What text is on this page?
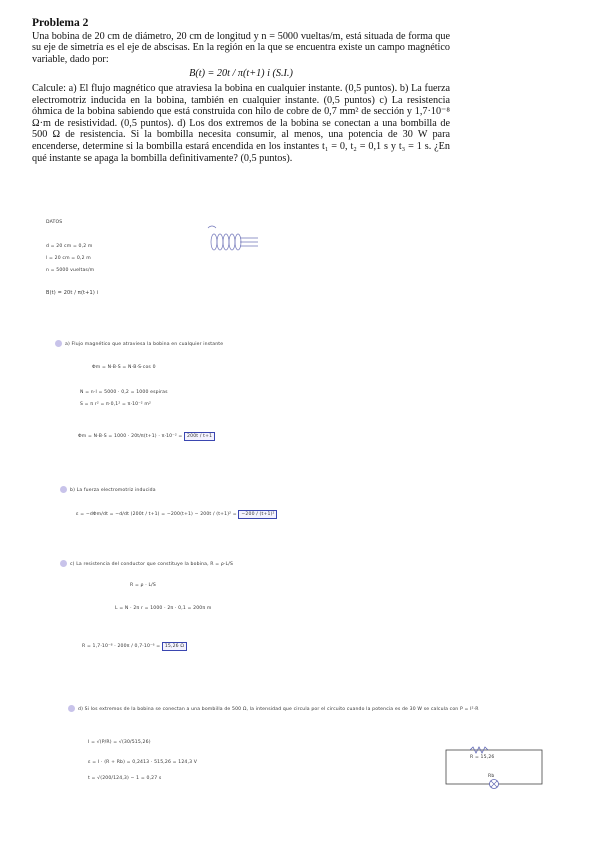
Problema 2

Una bobina de 20 cm de diámetro, 20 cm de longitud y n = 5000 vueltas/m, está situada de forma que su eje de simetría es el eje de abscisas. En la región en la que se encuentra existe un campo magnético variable, dado por:

B(t) = 20t / π(t+1) i (S.I.)

Calcule: a) El flujo magnético que atraviesa la bobina en cualquier instante. (0,5 puntos). b) La fuerza electromotriz inducida en la bobina, también en cualquier instante. (0,5 puntos) c) La resistencia óhmica de la bobina sabiendo que está construida con hilo de cobre de 0,7 mm² de sección y 1,7·10⁻⁸ Ω·m de resistividad. (0,5 puntos). d) Los dos extremos de la bobina se conectan a una bombilla de 500 Ω de resistencia. Si la bombilla necesita consumir, al menos, una potencia de 30 W para encenderse, determine si la bombilla estará encendida en los instantes t₁ = 0, t₂ = 0,1 s y t₃ = 1 s. ¿En qué instante se apaga la bombilla definitivamente? (0,5 puntos).

DATOS
d = 20 cm = 0,2 m
l = 20 cm = 0,2 m
n = 5000 vueltas/m
B(t) = 20t / π(t+1) i
a) Flujo magnético que atraviesa la bobina en cualquier instante
Φm = N·B·S = N·B·S·cos 0
N = n·l = 5000 · 0,2 = 1000 espiras
S = π r² = π·0,1² = π·10⁻² m²
Φm = N·B·S = 1000 · 20t/π(t+1) · π·10⁻² = 200t / t+1
b) La fuerza electromotriz inducida
ε = −dΦm/dt = −d/dt (200t / t+1) = −200(t+1) − 200t / (t+1)² = −200 / (t+1)²
c) La resistencia del conductor que constituye la bobina, R = ρ·L/S
R = ρ · L/S
L = N · 2π r = 1000 · 2π · 0,1 = 200π m
R = 1,7·10⁻⁸ · 200π / 0,7·10⁻⁶ = 15,26 Ω
d) Si los extremos de la bobina se conectan a una bombilla de 500 Ω, la intensidad que circula por el circuito cuando la potencia es de 30 W se calcula con P = I²·R
I = √(P/R) = √(30/515,26)
ε = I · (R + Rb) = 0,2413 · 515,26 = 124,3 V
t = √(200/124,3) − 1 = 0,27 s
R = 15,26
Rb
